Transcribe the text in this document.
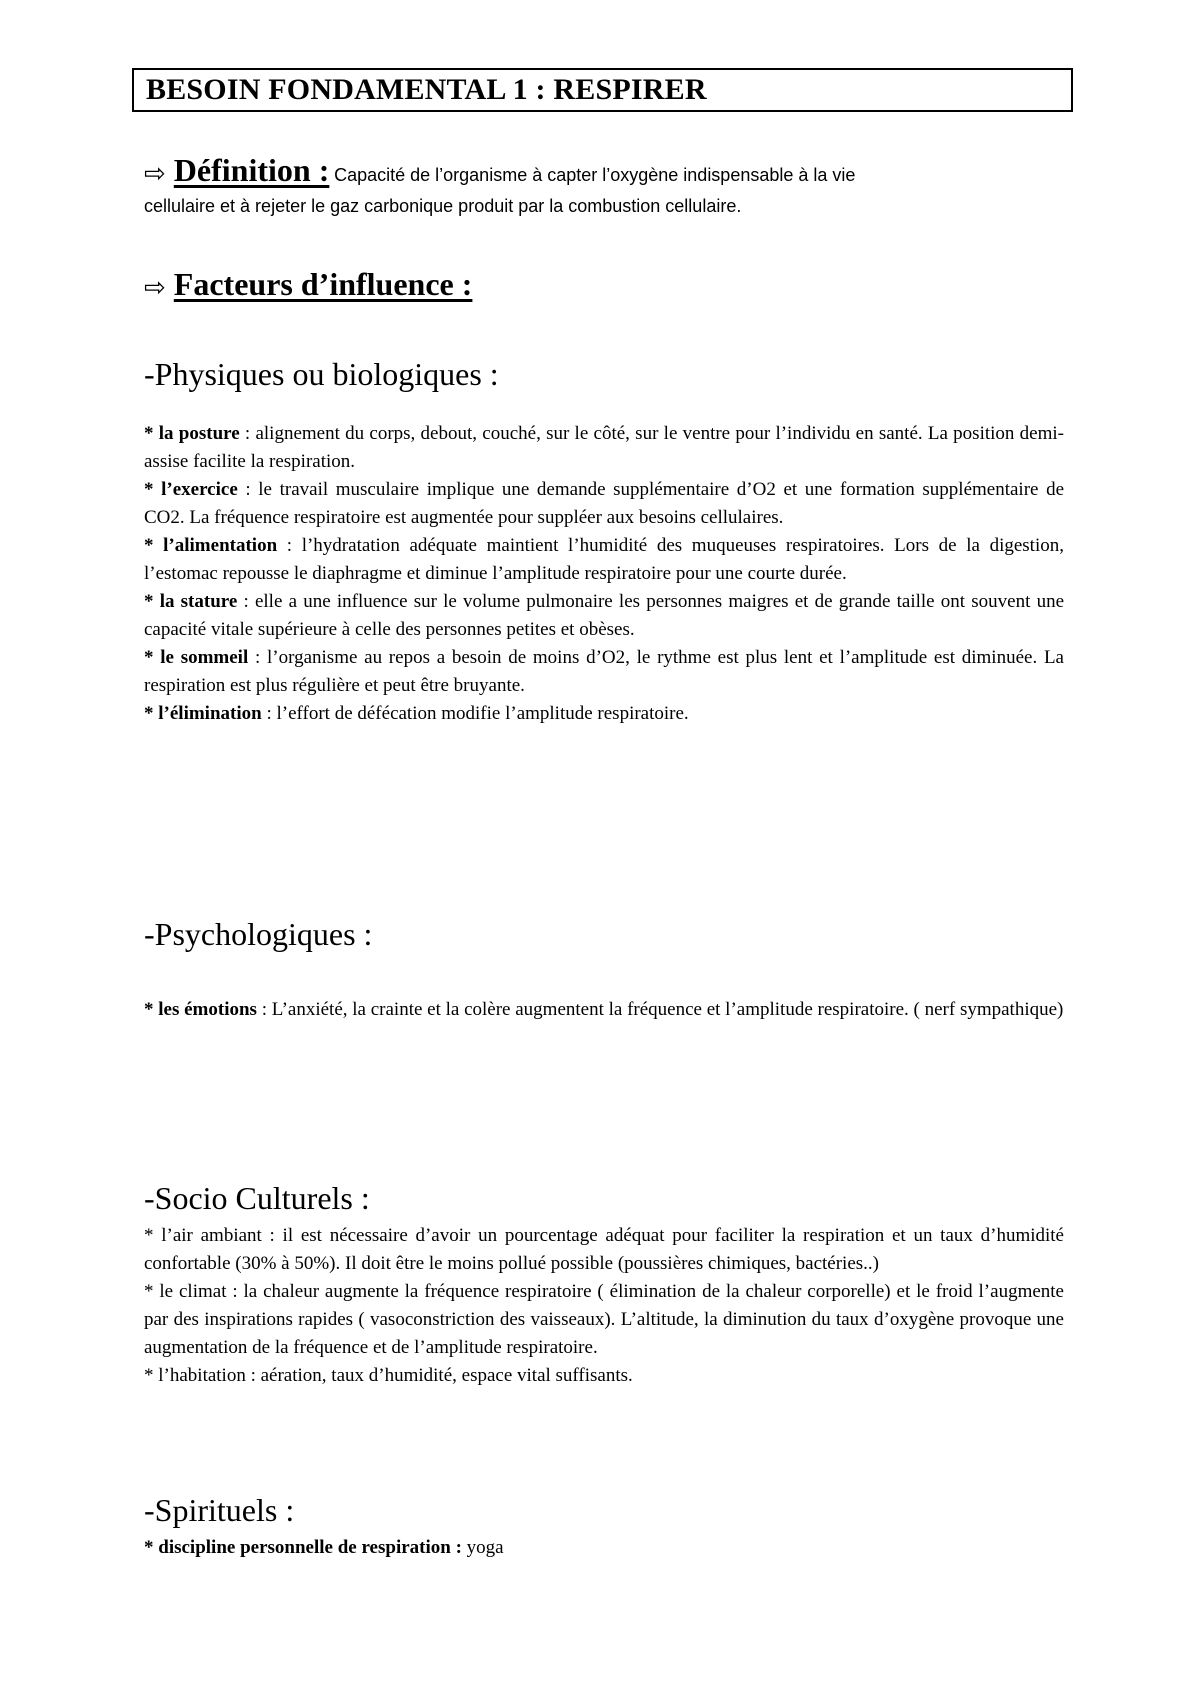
BESOIN FONDAMENTAL 1 : RESPIRER
⇨ Définition : Capacité de l’organisme à capter l’oxygène indispensable à la vie
cellulaire et à rejeter le gaz carbonique produit par la combustion cellulaire.
⇨ Facteurs d’influence :
-Physiques ou biologiques :
* la posture : alignement du corps, debout, couché, sur le côté, sur le ventre pour l’individu en santé. La position demi- assise facilite la respiration.
* l’exercice : le travail musculaire implique une demande supplémentaire d’O2 et une formation supplémentaire de CO2. La fréquence respiratoire est augmentée pour suppléer aux besoins cellulaires.
* l’alimentation : l’hydratation adéquate maintient l’humidité des muqueuses respiratoires. Lors de la digestion, l’estomac repousse le diaphragme et diminue l’amplitude respiratoire pour une courte durée.
* la stature : elle a une influence sur le volume pulmonaire les personnes maigres et de grande taille ont souvent une capacité vitale supérieure à celle des personnes petites et obèses.
* le sommeil : l’organisme au repos a besoin de moins d’O2, le rythme est plus lent et l’amplitude est diminuée. La respiration est plus régulière et peut être bruyante.
* l’élimination : l’effort de défécation modifie l’amplitude respiratoire.
-Psychologiques :
* les émotions : L’anxiété, la crainte et la colère augmentent la fréquence et l’amplitude respiratoire. ( nerf sympathique)
-Socio Culturels :
* l’air ambiant : il est nécessaire d’avoir un pourcentage adéquat pour faciliter la respiration et un taux d’humidité confortable (30% à 50%). Il doit être le moins pollué possible (poussières chimiques, bactéries..)
* le climat : la chaleur augmente la fréquence respiratoire ( élimination de la chaleur corporelle) et le froid l’augmente par des inspirations rapides ( vasoconstriction des vaisseaux). L’altitude, la diminution du taux d’oxygène provoque une augmentation de la fréquence et de l’amplitude respiratoire.
* l’habitation : aération, taux d’humidité, espace vital suffisants.
-Spirituels :
* discipline personnelle de respiration : yoga
